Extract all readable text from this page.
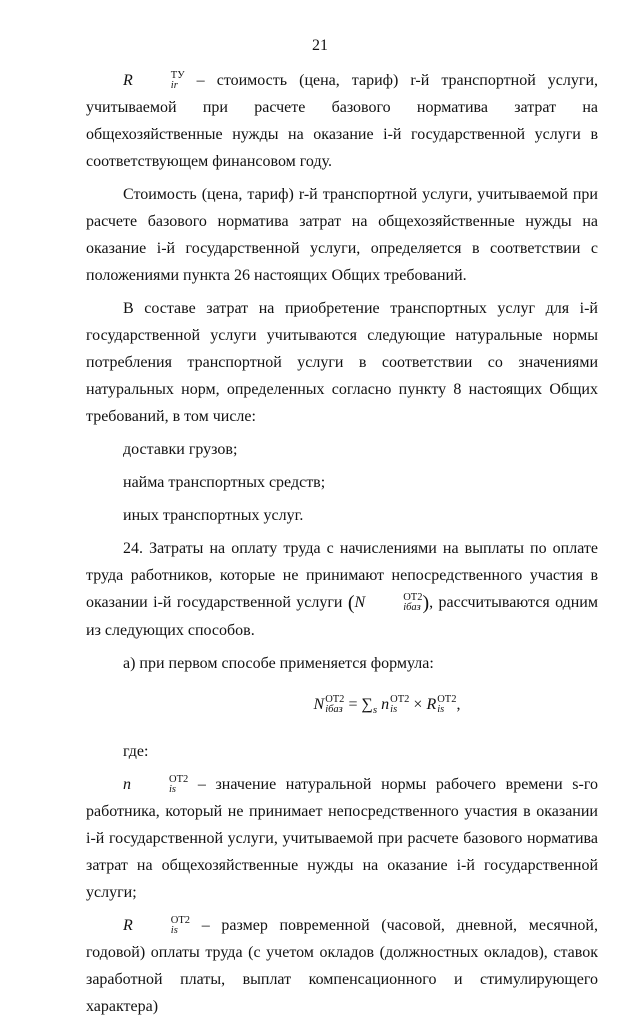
21

R	ТУ
ir – стоимость (цена, тариф) r-й транспортной услуги, учитываемой при расчете базового норматива затрат на общехозяйственные нужды на оказание i-й государственной услуги в соответствующем финансовом году.

Стоимость (цена, тариф) r-й транспортной услуги, учитываемой при расчете базового норматива затрат на общехозяйственные нужды на оказание i-й государственной услуги, определяется в соответствии с положениями пункта 26 настоящих Общих требований.

В составе затрат на приобретение транспортных услуг для i-й государственной услуги учитываются следующие натуральные нормы потребления транспортной услуги в соответствии со значениями натуральных норм, определенных согласно пункту 8 настоящих Общих требований, в том числе:

доставки грузов;

найма транспортных средств;

иных транспортных услуг.

24. Затраты на оплату труда с начислениями на выплаты по оплате труда работников, которые не принимают непосредственного участия в оказании i-й государственной услуги (N	ОТ2
iбаз ), рассчитываются одним из следующих способов.

а) при первом способе применяется формула:

N ОТ2
iбаз = $\sum_s$ n ОТ2
is × R ОТ2
is ,

где:

n	ОТ2
is – значение натуральной нормы рабочего времени s-го работника, который не принимает непосредственного участия в оказании i-й государственной услуги, учитываемой при расчете базового норматива затрат на общехозяйственные нужды на оказание i-й государственной услуги;

R	ОТ2
is – размер повременной (часовой, дневной, месячной, годовой) оплаты труда (с учетом окладов (должностных окладов), ставок заработной платы, выплат компенсационного и стимулирующего характера)
